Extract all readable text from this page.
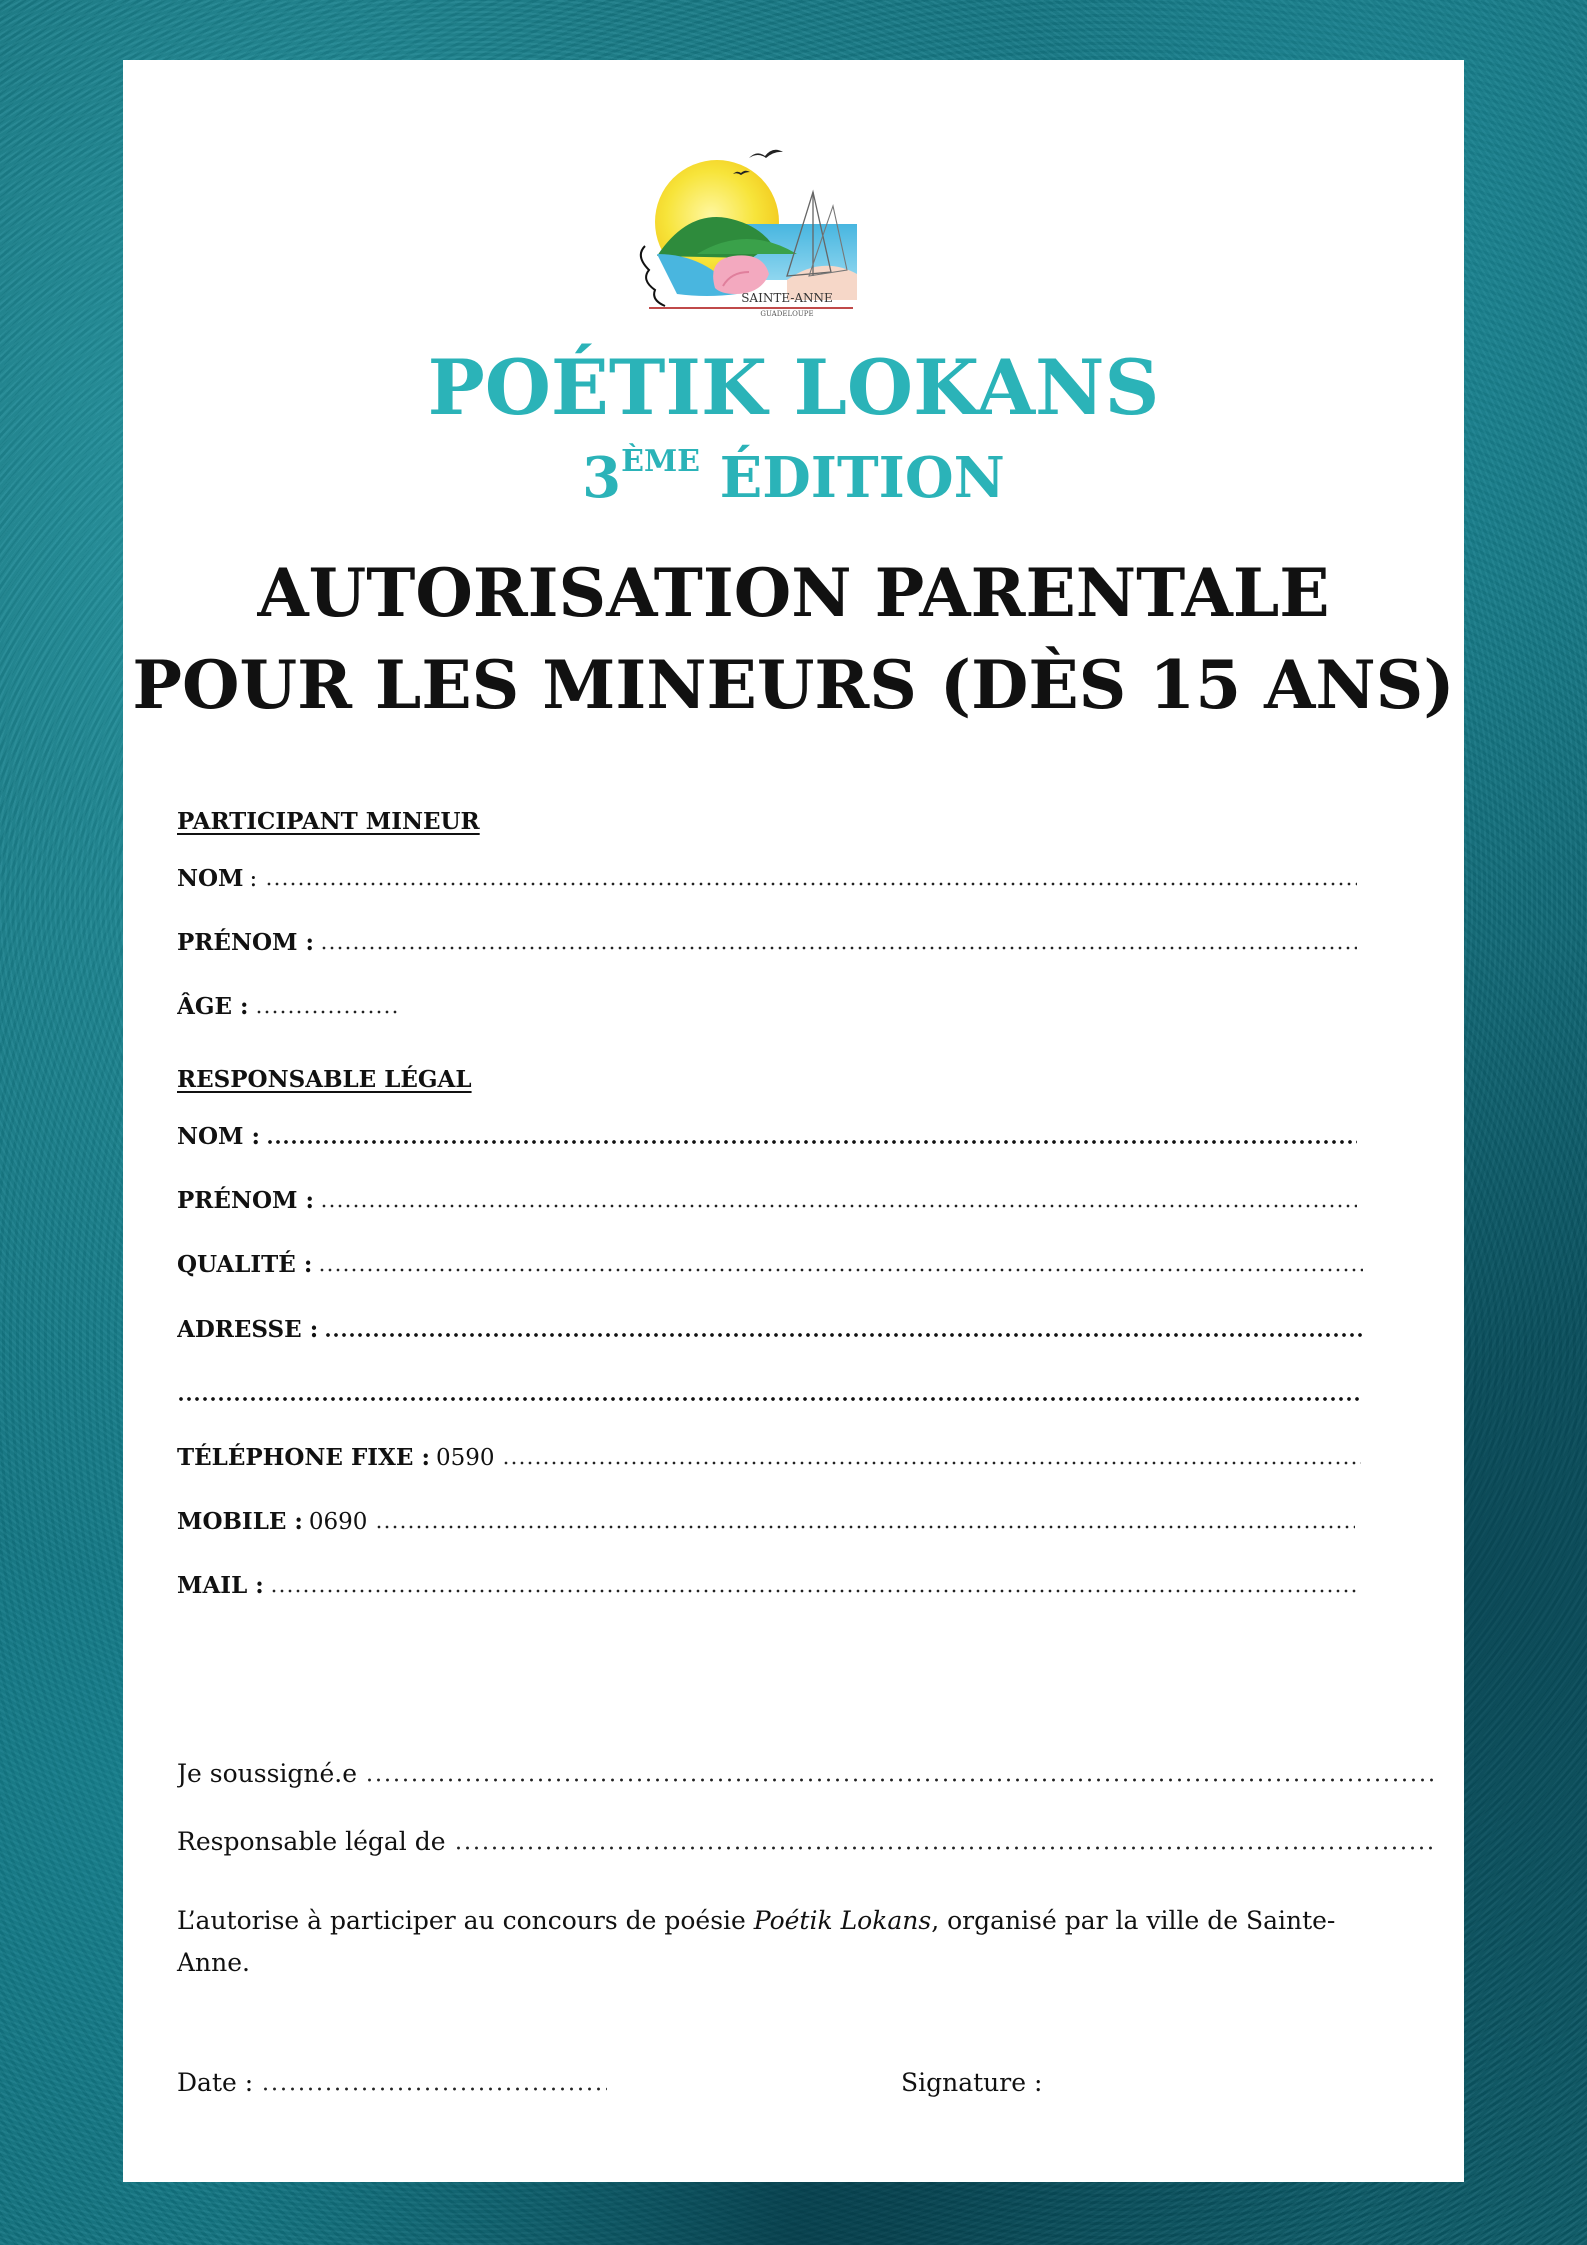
SAINTE-ANNE
GUADELOUPE
POÉTIK LOKANS
3ÈME ÉDITION
AUTORISATION PARENTALE
POUR LES MINEURS (DÈS 15 ANS)
PARTICIPANT MINEUR
NOM :
PRÉNOM :
ÂGE :
RESPONSABLE LÉGAL
NOM :
PRÉNOM :
QUALITÉ :
ADRESSE :
TÉLÉPHONE FIXE : 0590
MOBILE : 0690
MAIL :
Je soussigné.e
Responsable légal de
L’autorise à participer au concours de poésie Poétik Lokans, organisé par la ville de Sainte-Anne.
Date :	Signature :
